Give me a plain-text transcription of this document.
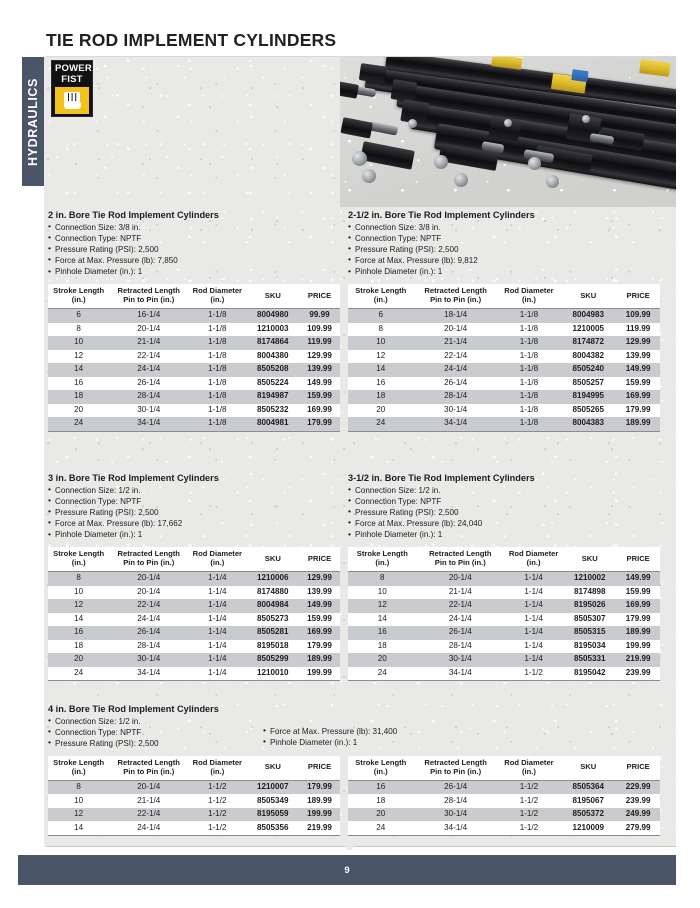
TIE ROD IMPLEMENT CYLINDERS
HYDRAULICS
POWER
FIST
2 in. Bore Tie Rod Implement Cylinders
• Connection Size: 3/8 in.
• Connection Type: NPTF
• Pressure Rating (PSI): 2,500
• Force at Max. Pressure (lb): 7,850
• Pinhole Diameter (in.): 1
Stroke Length
(in.)	Retracted Length
Pin to Pin (in.)	Rod Diameter
(in.)	SKU	PRICE
6	16-1/4	1-1/8	8004980	99.99
8	20-1/4	1-1/8	1210003	109.99
10	21-1/4	1-1/8	8174864	119.99
12	22-1/4	1-1/8	8004380	129.99
14	24-1/4	1-1/8	8505208	139.99
16	26-1/4	1-1/8	8505224	149.99
18	28-1/4	1-1/8	8194987	159.99
20	30-1/4	1-1/8	8505232	169.99
24	34-1/4	1-1/8	8004981	179.99
2-1/2 in. Bore Tie Rod Implement Cylinders
• Connection Size: 3/8 in.
• Connection Type: NPTF
• Pressure Rating (PSI): 2,500
• Force at Max. Pressure (lb): 9,812
• Pinhole Diameter (in.): 1
Stroke Length
(in.)	Retracted Length
Pin to Pin (in.)	Rod Diameter
(in.)	SKU	PRICE
6	18-1/4	1-1/8	8004983	109.99
8	20-1/4	1-1/8	1210005	119.99
10	21-1/4	1-1/8	8174872	129.99
12	22-1/4	1-1/8	8004382	139.99
14	24-1/4	1-1/8	8505240	149.99
16	26-1/4	1-1/8	8505257	159.99
18	28-1/4	1-1/8	8194995	169.99
20	30-1/4	1-1/8	8505265	179.99
24	34-1/4	1-1/8	8004383	189.99
3 in. Bore Tie Rod Implement Cylinders
• Connection Size: 1/2 in.
• Connection Type: NPTF
• Pressure Rating (PSI): 2,500
• Force at Max. Pressure (lb): 17,662
• Pinhole Diameter (in.): 1
Stroke Length
(in.)	Retracted Length
Pin to Pin (in.)	Rod Diameter
(in.)	SKU	PRICE
8	20-1/4	1-1/4	1210006	129.99
10	20-1/4	1-1/4	8174880	139.99
12	22-1/4	1-1/4	8004984	149.99
14	24-1/4	1-1/4	8505273	159.99
16	26-1/4	1-1/4	8505281	169.99
18	28-1/4	1-1/4	8195018	179.99
20	30-1/4	1-1/4	8505299	189.99
24	34-1/4	1-1/4	1210010	199.99
3-1/2 in. Bore Tie Rod Implement Cylinders
• Connection Size: 1/2 in.
• Connection Type: NPTF
• Pressure Rating (PSI): 2,500
• Force at Max. Pressure (lb): 24,040
• Pinhole Diameter (in.): 1
Stroke Length
(in.)	Retracted Length
Pin to Pin (in.)	Rod Diameter
(in.)	SKU	PRICE
8	20-1/4	1-1/4	1210002	149.99
10	21-1/4	1-1/4	8174898	159.99
12	22-1/4	1-1/4	8195026	169.99
14	24-1/4	1-1/4	8505307	179.99
16	26-1/4	1-1/4	8505315	189.99
18	28-1/4	1-1/4	8195034	199.99
20	30-1/4	1-1/4	8505331	219.99
24	34-1/4	1-1/2	8195042	239.99
4 in. Bore Tie Rod Implement Cylinders
• Connection Size: 1/2 in.
• Connection Type: NPTF
• Pressure Rating (PSI): 2,500
• Force at Max. Pressure (lb): 31,400
• Pinhole Diameter (in.): 1
Stroke Length
(in.)	Retracted Length
Pin to Pin (in.)	Rod Diameter
(in.)	SKU	PRICE
8	20-1/4	1-1/2	1210007	179.99
10	21-1/4	1-1/2	8505349	189.99
12	22-1/4	1-1/2	8195059	199.99
14	24-1/4	1-1/2	8505356	219.99
Stroke Length
(in.)	Retracted Length
Pin to Pin (in.)	Rod Diameter
(in.)	SKU	PRICE
16	26-1/4	1-1/2	8505364	229.99
18	28-1/4	1-1/2	8195067	239.99
20	30-1/4	1-1/2	8505372	249.99
24	34-1/4	1-1/2	1210009	279.99
9
